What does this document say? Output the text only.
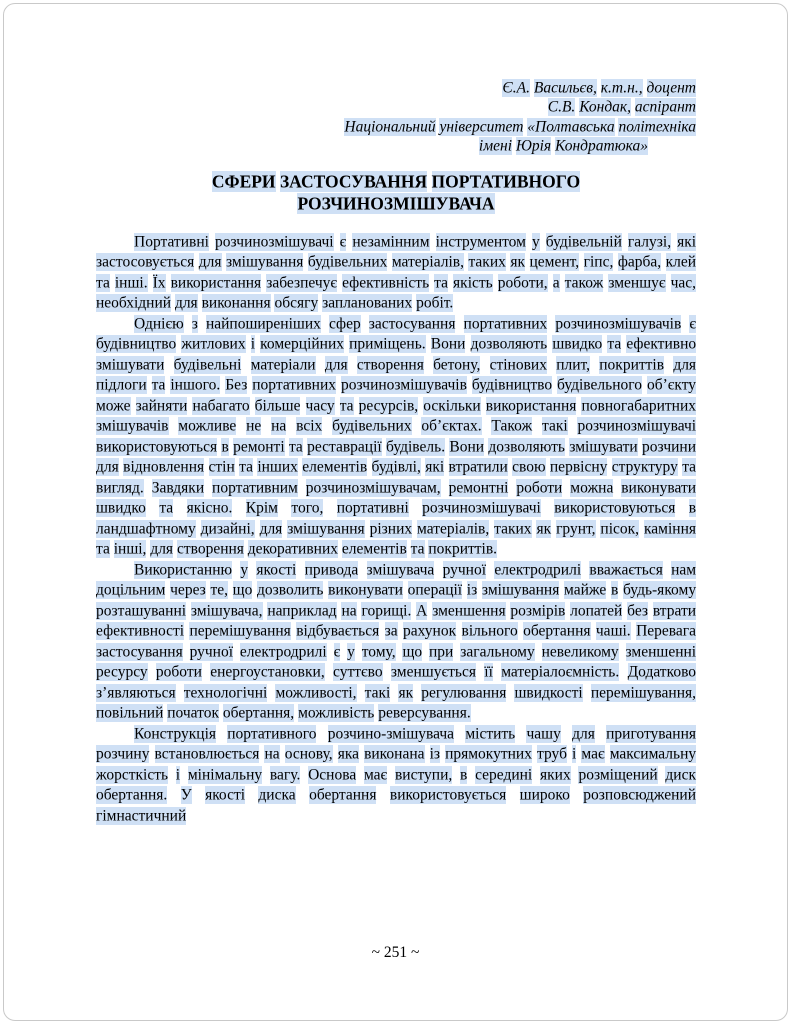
Є.А. Васильєв, к.т.н., доцент
С.В. Кондак, аспірант
Національний університет «Полтавська політехніка
імені Юрія Кондратюка»
СФЕРИ ЗАСТОСУВАННЯ ПОРТАТИВНОГО
РОЗЧИНОЗМІШУВАЧА

Портативні розчинозмішувачі є незамінним інструментом у будівельній галузі, які застосовується для змішування будівельних матеріалів, таких як цемент, гіпс, фарба, клей та інші. Їх використання забезпечує ефективність та якість роботи, а також зменшує час, необхідний для виконання обсягу запланованих робіт.

Однією з найпоширеніших сфер застосування портативних розчинозмішувачів є будівництво житлових і комерційних приміщень. Вони дозволяють швидко та ефективно змішувати будівельні матеріали для створення бетону, стінових плит, покриттів для підлоги та іншого. Без портативних розчинозмішувачів будівництво будівельного об’єкту може зайняти набагато більше часу та ресурсів, оскільки використання повногабаритних змішувачів можливе не на всіх будівельних об’єктах. Також такі розчинозмішувачі використовуються в ремонті та реставрації будівель. Вони дозволяють змішувати розчини для відновлення стін та інших елементів будівлі, які втратили свою первісну структуру та вигляд. Завдяки портативним розчинозмішувачам, ремонтні роботи можна виконувати швидко та якісно. Крім того, портативні розчинозмішувачі використовуються в ландшафтному дизайні, для змішування різних матеріалів, таких як грунт, пісок, каміння та інші, для створення декоративних елементів та покриттів.

Використанню у якості привода змішувача ручної електродрилі вважається нам доцільним через те, що дозволить виконувати операції із змішування майже в будь-якому розташуванні змішувача, наприклад на горищі. А зменшення розмірів лопатей без втрати ефективності перемішування відбувається за рахунок вільного обертання чаші. Перевага застосування ручної електродрилі є у тому, що при загальному невеликому зменшенні ресурсу роботи енергоустановки, суттєво зменшується її матеріалоємність. Додатково з’являються технологічні можливості, такі як регулювання швидкості перемішування, повільний початок обертання, можливість реверсування.

Конструкція портативного розчино-змішувача містить чашу для приготування розчину встановлюється на основу, яка виконана із прямокутних труб і має максимальну жорсткість і мінімальну вагу. Основа має виступи, в середині яких розміщений диск обертання. У якості диска обертання використовується широко розповсюджений гімнастичний

~ 251 ~
